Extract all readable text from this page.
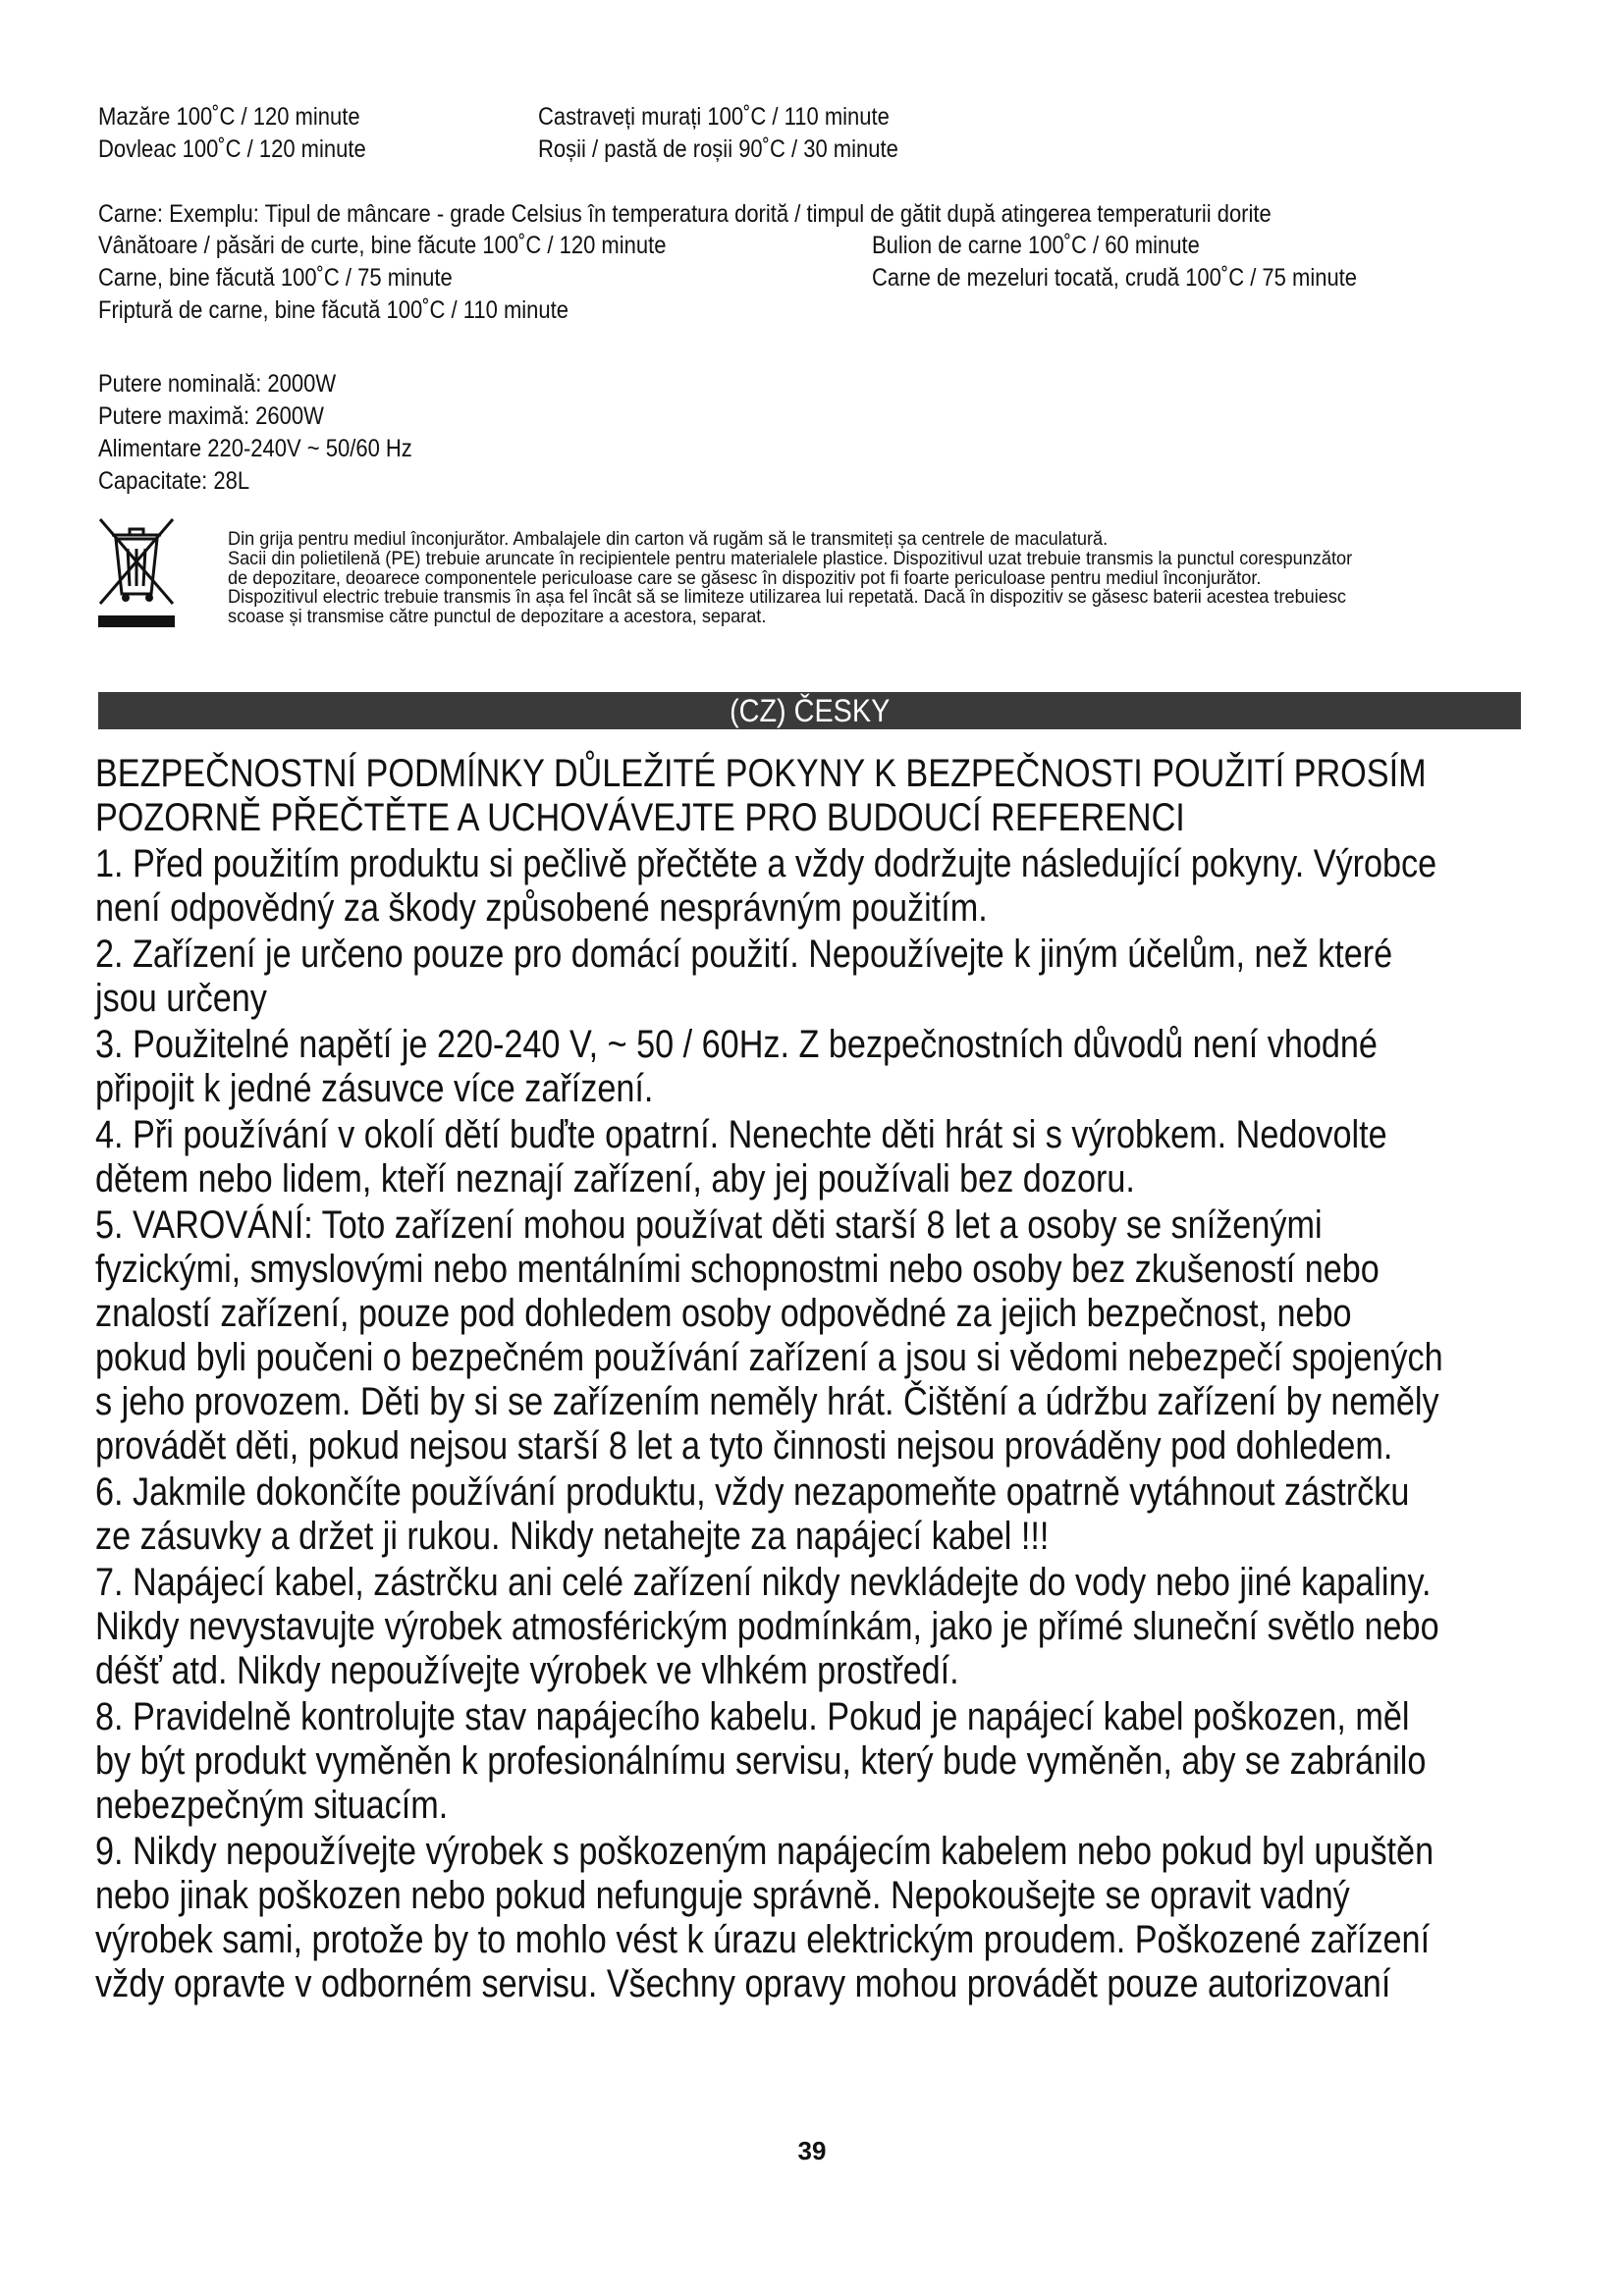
Mazăre 100˚C / 120 minute
Dovleac 100˚C / 120 minute
Castraveți murați 100˚C / 110 minute
Roșii / pastă de roșii 90˚C / 30 minute
Carne: Exemplu: Tipul de mâncare - grade Celsius în temperatura dorită / timpul de gătit după atingerea temperaturii dorite
Vânătoare / păsări de curte, bine făcute 100˚C / 120 minute
Carne, bine făcută 100˚C / 75 minute
Friptură de carne, bine făcută 100˚C / 110 minute
Bulion de carne 100˚C / 60 minute
Carne de mezeluri tocată, crudă 100˚C / 75 minute
Putere nominală: 2000W
Putere maximă: 2600W
Alimentare 220-240V ~ 50/60 Hz
Capacitate: 28L
Din grija pentru mediul înconjurător. Ambalajele din carton vă rugăm să le transmiteți șa centrele de maculatură.
Sacii din polietilenă (PE) trebuie aruncate în recipientele pentru materialele plastice. Dispozitivul uzat trebuie transmis la punctul corespunzător
de depozitare, deoarece componentele periculoase care se găsesc în dispozitiv pot fi foarte periculoase pentru mediul înconjurător.
Dispozitivul electric trebuie transmis în așa fel încât să se limiteze utilizarea lui repetată. Dacă în dispozitiv se găsesc baterii acestea trebuiesc
scoase și transmise către punctul de depozitare a acestora, separat.
(CZ) ČESKY

BEZPEČNOSTNÍ PODMÍNKY DŮLEŽITÉ POKYNY K BEZPEČNOSTI POUŽITÍ PROSÍM

POZORNĚ PŘEČTĚTE A UCHOVÁVEJTE PRO BUDOUCÍ REFERENCI

1. Před použitím produktu si pečlivě přečtěte a vždy dodržujte následující pokyny. Výrobce

není odpovědný za škody způsobené nesprávným použitím.

2. Zařízení je určeno pouze pro domácí použití. Nepoužívejte k jiným účelům, než které

jsou určeny

3. Použitelné napětí je 220-240 V, ~ 50 / 60Hz. Z bezpečnostních důvodů není vhodné

připojit k jedné zásuvce více zařízení.

4. Při používání v okolí dětí buďte opatrní. Nenechte děti hrát si s výrobkem. Nedovolte

dětem nebo lidem, kteří neznají zařízení, aby jej používali bez dozoru.

5. VAROVÁNÍ: Toto zařízení mohou používat děti starší 8 let a osoby se sníženými

fyzickými, smyslovými nebo mentálními schopnostmi nebo osoby bez zkušeností nebo

znalostí zařízení, pouze pod dohledem osoby odpovědné za jejich bezpečnost, nebo

pokud byli poučeni o bezpečném používání zařízení a jsou si vědomi nebezpečí spojených

s jeho provozem. Děti by si se zařízením neměly hrát. Čištění a údržbu zařízení by neměly

provádět děti, pokud nejsou starší 8 let a tyto činnosti nejsou prováděny pod dohledem.

6. Jakmile dokončíte používání produktu, vždy nezapomeňte opatrně vytáhnout zástrčku

ze zásuvky a držet ji rukou. Nikdy netahejte za napájecí kabel !!!

7. Napájecí kabel, zástrčku ani celé zařízení nikdy nevkládejte do vody nebo jiné kapaliny.

Nikdy nevystavujte výrobek atmosférickým podmínkám, jako je přímé sluneční světlo nebo

déšť atd. Nikdy nepoužívejte výrobek ve vlhkém prostředí.

8. Pravidelně kontrolujte stav napájecího kabelu. Pokud je napájecí kabel poškozen, měl

by být produkt vyměněn k profesionálnímu servisu, který bude vyměněn, aby se zabránilo

nebezpečným situacím.

9. Nikdy nepoužívejte výrobek s poškozeným napájecím kabelem nebo pokud byl upuštěn

nebo jinak poškozen nebo pokud nefunguje správně. Nepokoušejte se opravit vadný

výrobek sami, protože by to mohlo vést k úrazu elektrickým proudem. Poškozené zařízení

vždy opravte v odborném servisu. Všechny opravy mohou provádět pouze autorizovaní

39
